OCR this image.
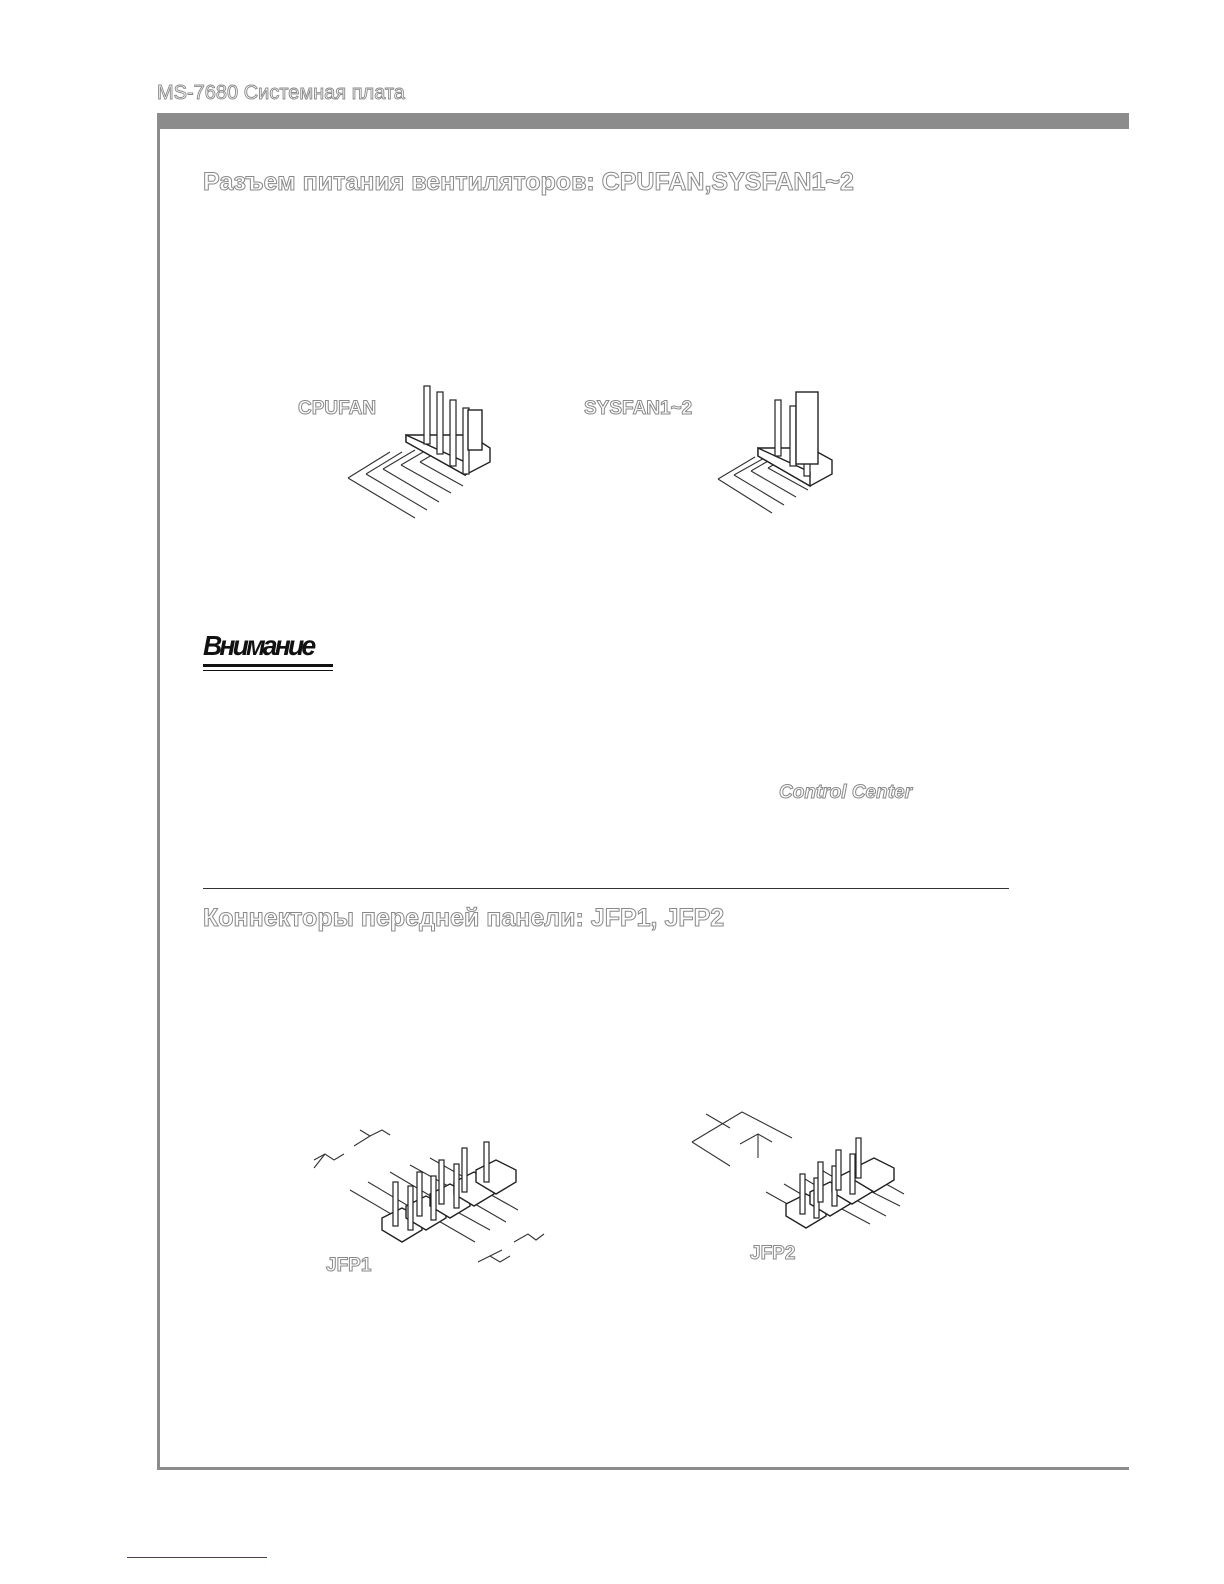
MS-7680 Системная плата
Разъем питания вентиляторов: CPUFAN,SYSFAN1~2
CPUFAN	SYSFAN1~2
Внимание
Control Center
Коннекторы передней панели: JFP1, JFP2
JFP1
JFP2
